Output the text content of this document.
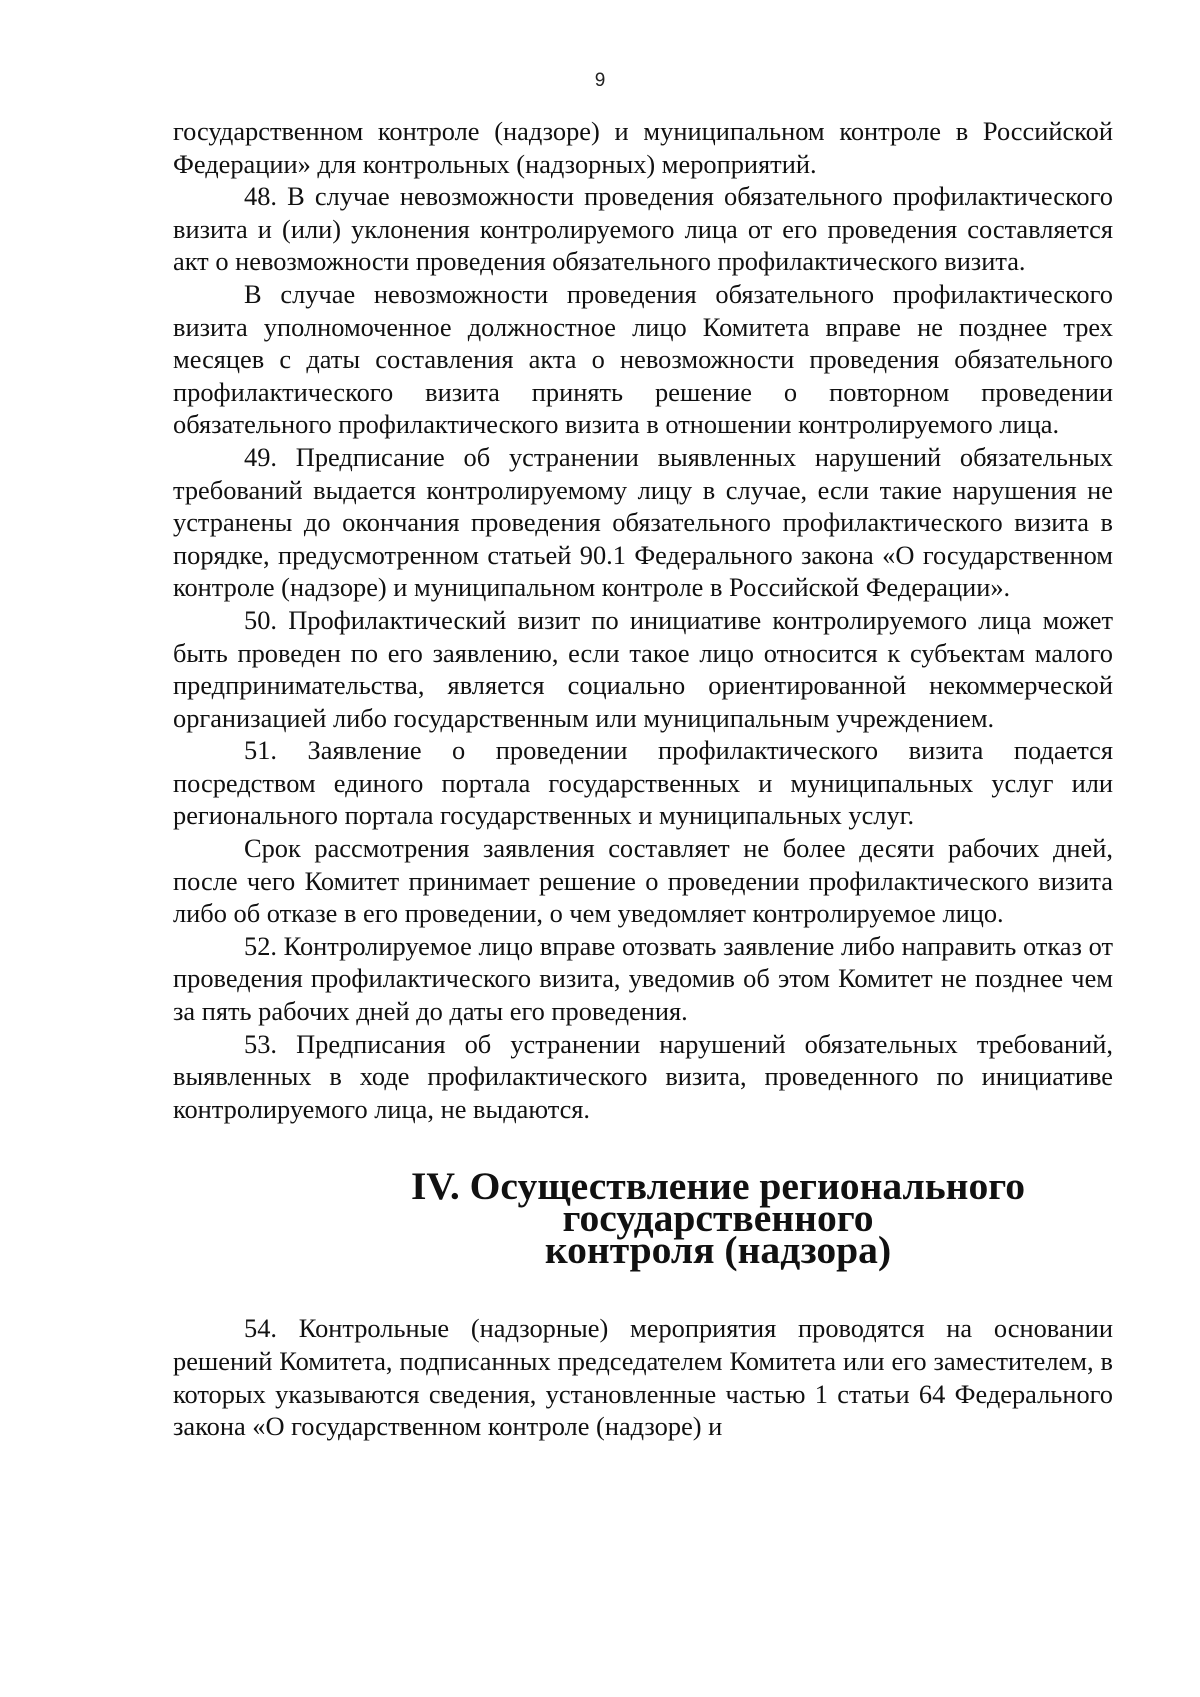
9

государственном контроле (надзоре) и муниципальном контроле в Российской Федерации» для контрольных (надзорных) мероприятий.

48. В случае невозможности проведения обязательного профилактического визита и (или) уклонения контролируемого лица от его проведения составляется акт о невозможности проведения обязательного профилактического визита.

В случае невозможности проведения обязательного профилактического визита уполномоченное должностное лицо Комитета вправе не позднее трех месяцев с даты составления акта о невозможности проведения обязательного профилактического визита принять решение о повторном проведении обязательного профилактического визита в отношении контролируемого лица.

49. Предписание об устранении выявленных нарушений обязательных требований выдается контролируемому лицу в случае, если такие нарушения не устранены до окончания проведения обязательного профилактического визита в порядке, предусмотренном статьей 90.1 Федерального закона «О государственном контроле (надзоре) и муниципальном контроле в Российской Федерации».

50. Профилактический визит по инициативе контролируемого лица может быть проведен по его заявлению, если такое лицо относится к субъектам малого предпринимательства, является социально ориентированной некоммерческой организацией либо государственным или муниципальным учреждением.

51. Заявление о проведении профилактического визита подается посредством единого портала государственных и муниципальных услуг или регионального портала государственных и муниципальных услуг.

Срок рассмотрения заявления составляет не более десяти рабочих дней, после чего Комитет принимает решение о проведении профилактического визита либо об отказе в его проведении, о чем уведомляет контролируемое лицо.

52. Контролируемое лицо вправе отозвать заявление либо направить отказ от проведения профилактического визита, уведомив об этом Комитет не позднее чем за пять рабочих дней до даты его проведения.

53. Предписания об устранении нарушений обязательных требований, выявленных в ходе профилактического визита, проведенного по инициативе контролируемого лица, не выдаются.

IV. Осуществление регионального государственного
контроля (надзора)

54. Контрольные (надзорные) мероприятия проводятся на основании решений Комитета, подписанных председателем Комитета или его заместителем, в которых указываются сведения, установленные частью 1 статьи 64 Федерального закона «О государственном контроле (надзоре) и
